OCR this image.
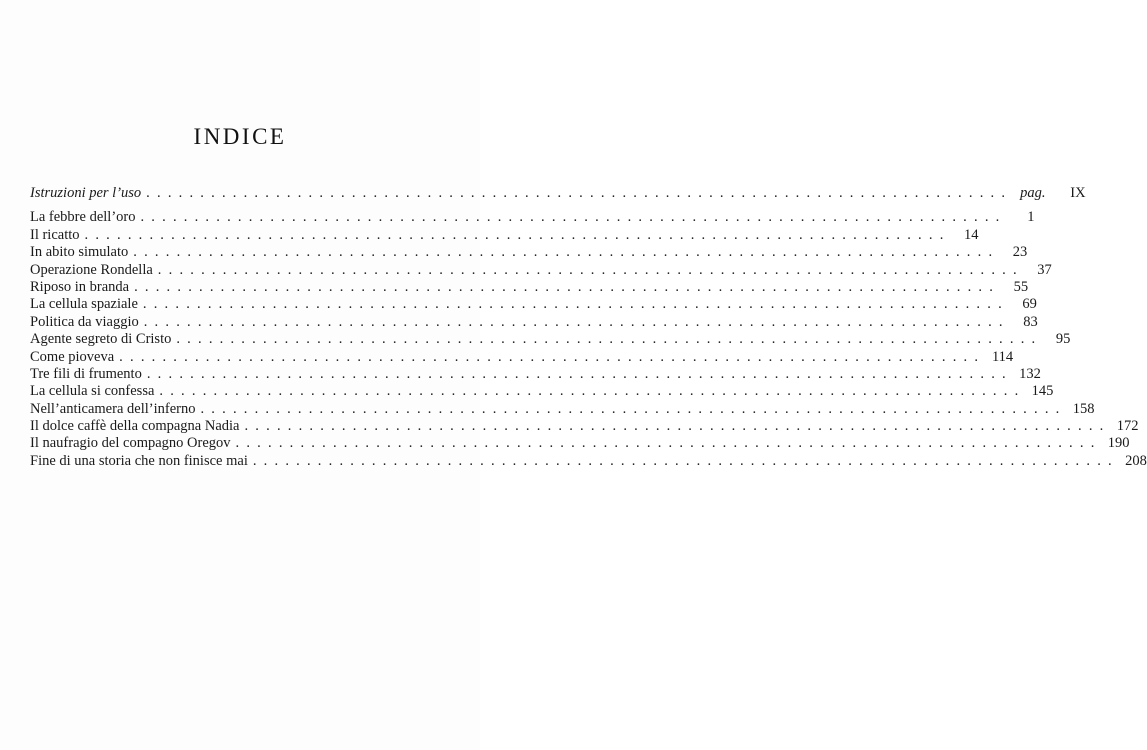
INDICE
Istruzioni per l’uso ................................................................................ pag.	IX
La febbre dell’oro ................................................................................	1
Il ricatto ................................................................................ 14
In abito simulato ................................................................................ 23
Operazione Rondella ................................................................................ 37
Riposo in branda ................................................................................ 55
La cellula spaziale ................................................................................ 69
Politica da viaggio ................................................................................ 83
Agente segreto di Cristo ................................................................................ 95
Come pioveva ................................................................................ 114
Tre fili di frumento ................................................................................ 132
La cellula si confessa ................................................................................ 145
Nell’anticamera dell’inferno ................................................................................ 158
Il dolce caffè della compagna Nadia ................................................................................ 172
Il naufragio del compagno Oregov ................................................................................ 190
Fine di una storia che non finisce mai ................................................................................ 208
